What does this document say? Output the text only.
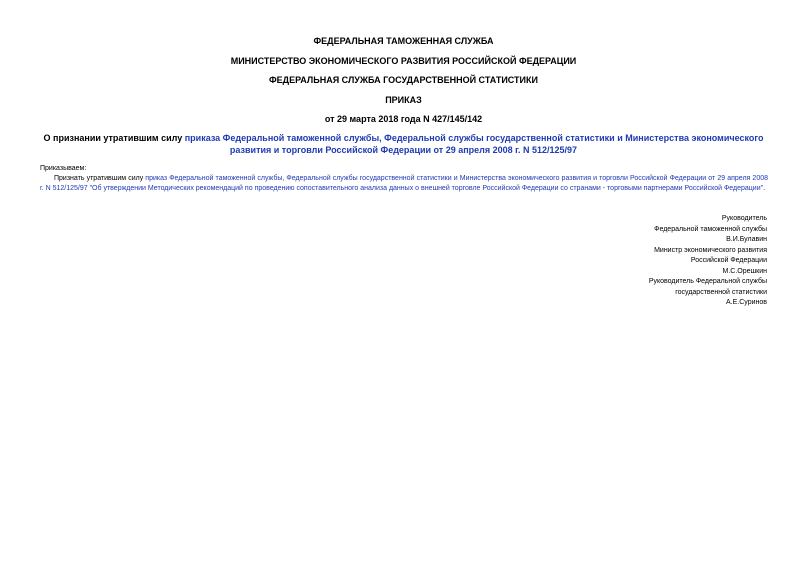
ФЕДЕРАЛЬНАЯ ТАМОЖЕННАЯ СЛУЖБА
МИНИСТЕРСТВО ЭКОНОМИЧЕСКОГО РАЗВИТИЯ РОССИЙСКОЙ ФЕДЕРАЦИИ
ФЕДЕРАЛЬНАЯ СЛУЖБА ГОСУДАРСТВЕННОЙ СТАТИСТИКИ
ПРИКАЗ
от 29 марта 2018 года N 427/145/142
О признании утратившим силу приказа Федеральной таможенной службы, Федеральной службы государственной статистики и Министерства экономического развития и торговли Российской Федерации от 29 апреля 2008 г. N 512/125/97
Приказываем:
Признать утратившим силу приказ Федеральной таможенной службы, Федеральной службы государственной статистики и Министерства экономического развития и торговли Российской Федерации от 29 апреля 2008 г. N 512/125/97 "Об утверждении Методических рекомендаций по проведению сопоставительного анализа данных о внешней торговле Российской Федерации со странами - торговыми партнерами Российской Федерации".
Руководитель
Федеральной таможенной службы
В.И.Булавин
Министр экономического развития
Российской Федерации
М.С.Орешкин
Руководитель Федеральной службы
государственной статистики
А.Е.Суринов
